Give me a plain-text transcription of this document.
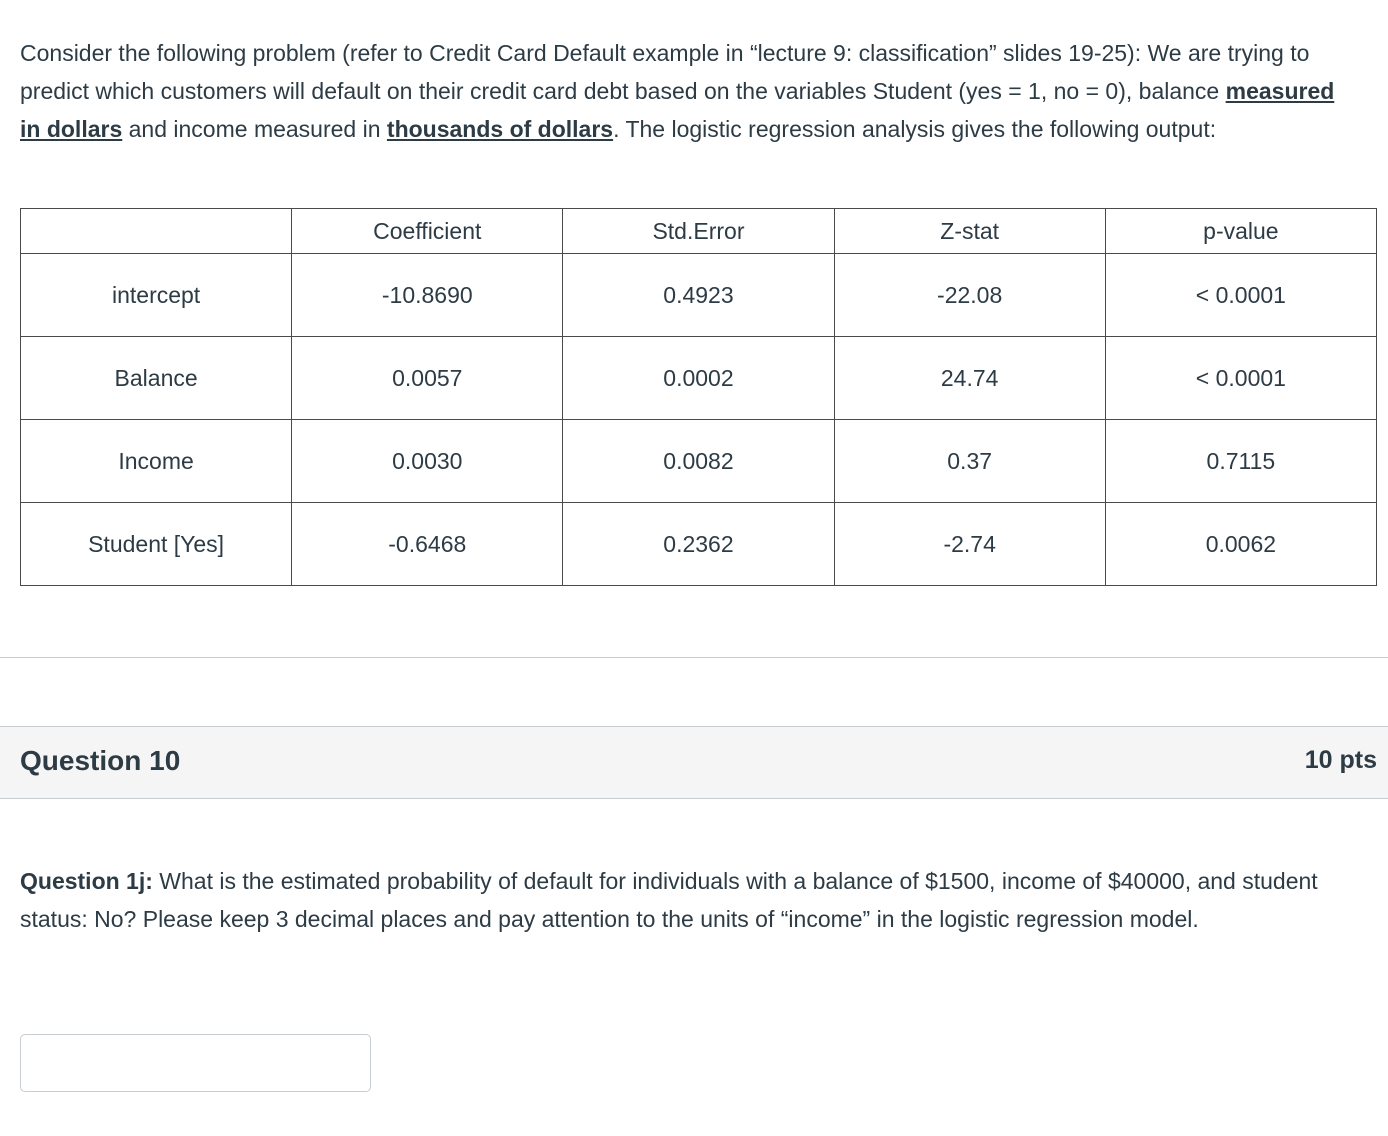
Consider the following problem (refer to Credit Card Default example in “lecture 9: classification” slides 19-25): We are trying to predict which customers will default on their credit card debt based on the variables Student (yes = 1, no = 0), balance measured in dollars and income measured in thousands of dollars. The logistic regression analysis gives the following output:

	Coefficient	Std.Error	Z-stat	p-value
intercept	-10.8690	0.4923	-22.08	< 0.0001
Balance	0.0057	0.0002	24.74	< 0.0001
Income	0.0030	0.0082	0.37	0.7115
Student [Yes]	-0.6468	0.2362	-2.74	0.0062
Question 10	10 pts

Question 1j: What is the estimated probability of default for individuals with a balance of $1500, income of $40000, and student status: No? Please keep 3 decimal places and pay attention to the units of “income” in the logistic regression model.
